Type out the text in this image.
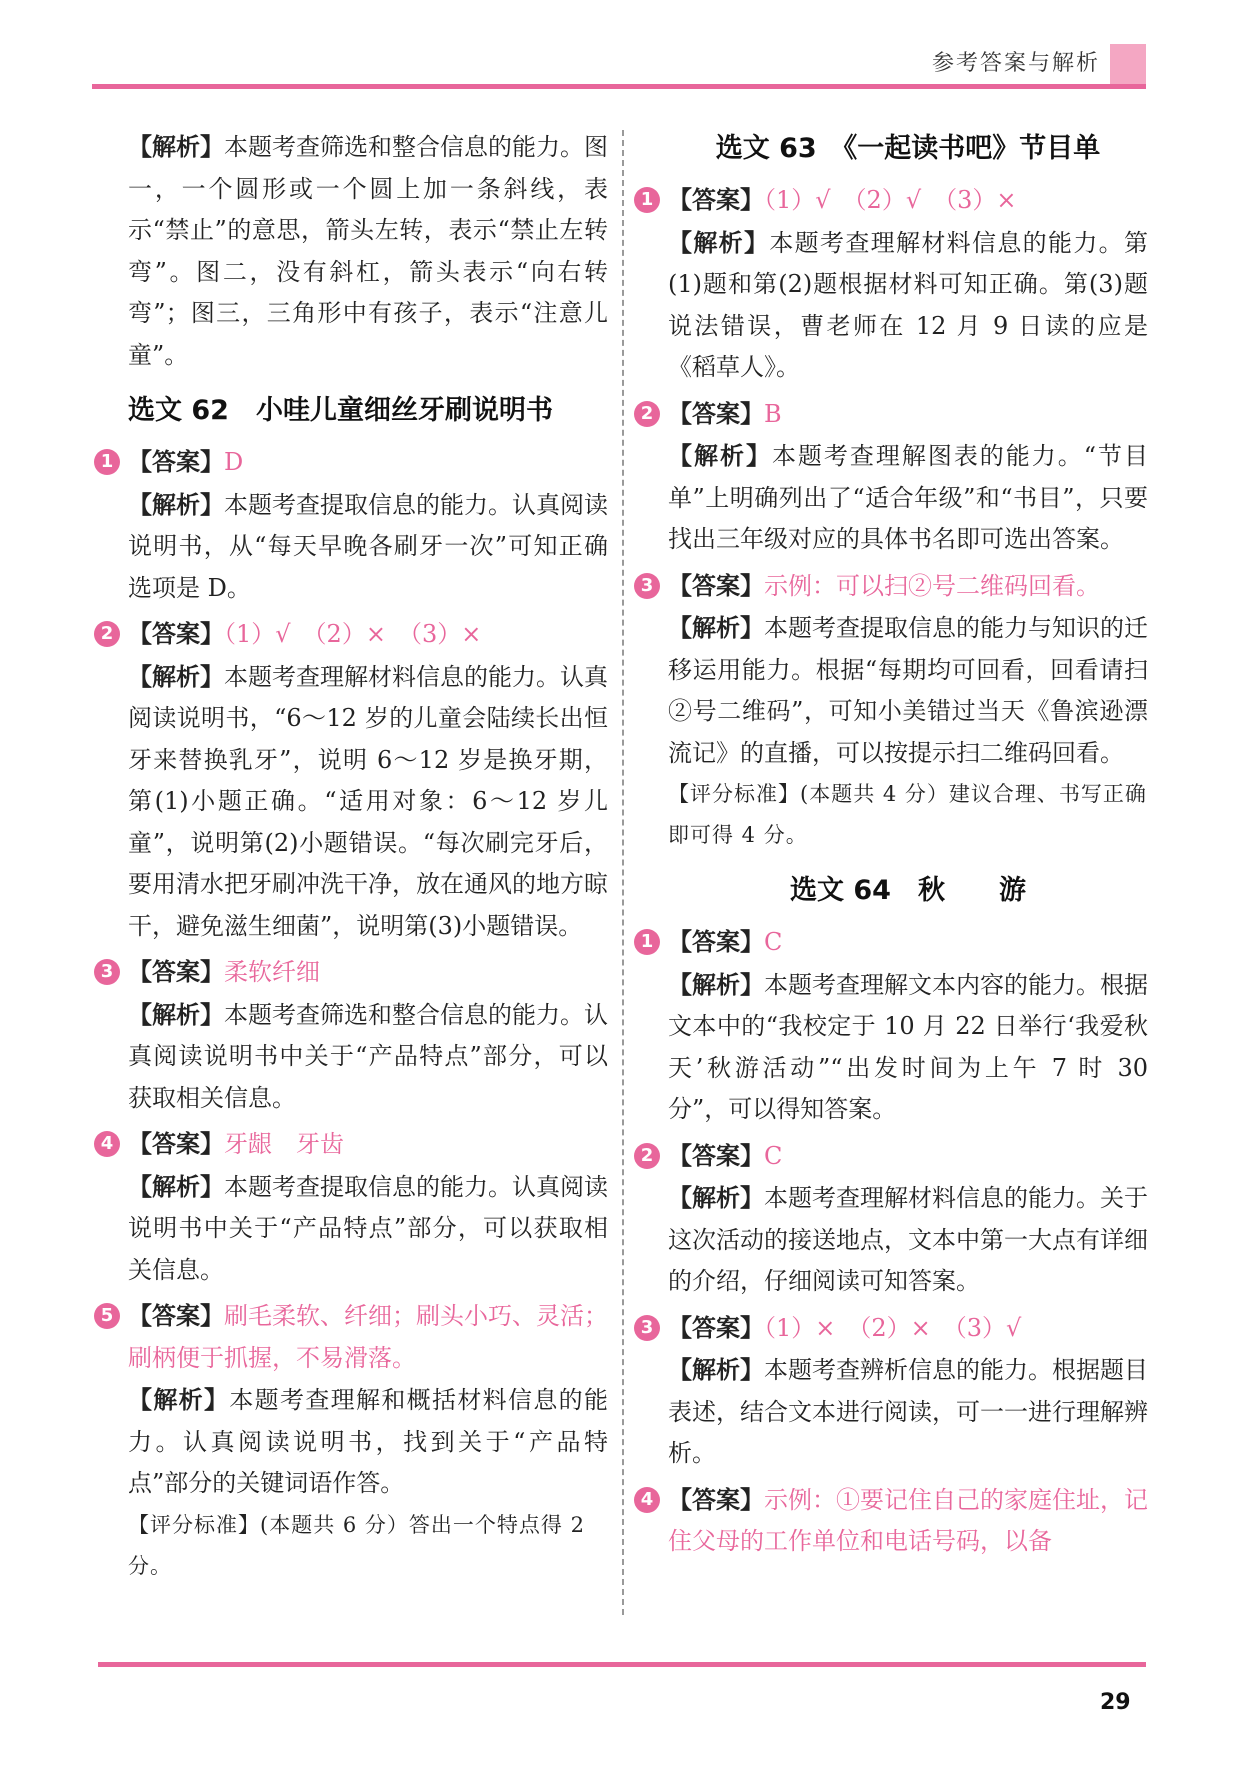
参考答案与解析

【解析】本题考查筛选和整合信息的能力。图一，一个圆形或一个圆上加一条斜线，表示“禁止”的意思，箭头左转，表示“禁止左转弯”。图二，没有斜杠，箭头表示“向右转弯”；图三，三角形中有孩子，表示“注意儿童”。

选文 62　小哇儿童细丝牙刷说明书
1 【答案】D

【解析】本题考查提取信息的能力。认真阅读说明书，从“每天早晚各刷牙一次”可知正确选项是 D。

2 【答案】（1）√　（2）×　（3）×

【解析】本题考查理解材料信息的能力。认真阅读说明书，“6～12 岁的儿童会陆续长出恒牙来替换乳牙”，说明 6～12 岁是换牙期，第(1)小题正确。“适用对象：6～12 岁儿童”，说明第(2)小题错误。“每次刷完牙后，要用清水把牙刷冲洗干净，放在通风的地方晾干，避免滋生细菌”，说明第(3)小题错误。

3 【答案】柔软纤细

【解析】本题考查筛选和整合信息的能力。认真阅读说明书中关于“产品特点”部分，可以获取相关信息。

4 【答案】牙龈　牙齿

【解析】本题考查提取信息的能力。认真阅读说明书中关于“产品特点”部分，可以获取相关信息。

5 【答案】刷毛柔软、纤细；刷头小巧、灵活；刷柄便于抓握，不易滑落。

【解析】本题考查理解和概括材料信息的能力。认真阅读说明书，找到关于“产品特点”部分的关键词语作答。

【评分标准】(本题共 6 分）答出一个特点得 2 分。

选文 63　《一起读书吧》节目单
1 【答案】（1）√　（2）√　（3）×

【解析】本题考查理解材料信息的能力。第(1)题和第(2)题根据材料可知正确。第(3)题说法错误，曹老师在 12 月 9 日读的应是《稻草人》。

2 【答案】B

【解析】本题考查理解图表的能力。“节目单”上明确列出了“适合年级”和“书目”，只要找出三年级对应的具体书名即可选出答案。

3 【答案】示例：可以扫②号二维码回看。

【解析】本题考查提取信息的能力与知识的迁移运用能力。根据“每期均可回看，回看请扫②号二维码”，可知小美错过当天《鲁滨逊漂流记》的直播，可以按提示扫二维码回看。

【评分标准】(本题共 4 分）建议合理、书写正确即可得 4 分。

选文 64　秋　　游
1 【答案】C

【解析】本题考查理解文本内容的能力。根据文本中的“我校定于 10 月 22 日举行‘我爱秋天’秋游活动”“出发时间为上午 7 时 30 分”，可以得知答案。

2 【答案】C

【解析】本题考查理解材料信息的能力。关于这次活动的接送地点，文本中第一大点有详细的介绍，仔细阅读可知答案。

3 【答案】（1）×　（2）×　（3）√

【解析】本题考查辨析信息的能力。根据题目表述，结合文本进行阅读，可一一进行理解辨析。

4 【答案】示例：①要记住自己的家庭住址，记住父母的工作单位和电话号码，以备

29
